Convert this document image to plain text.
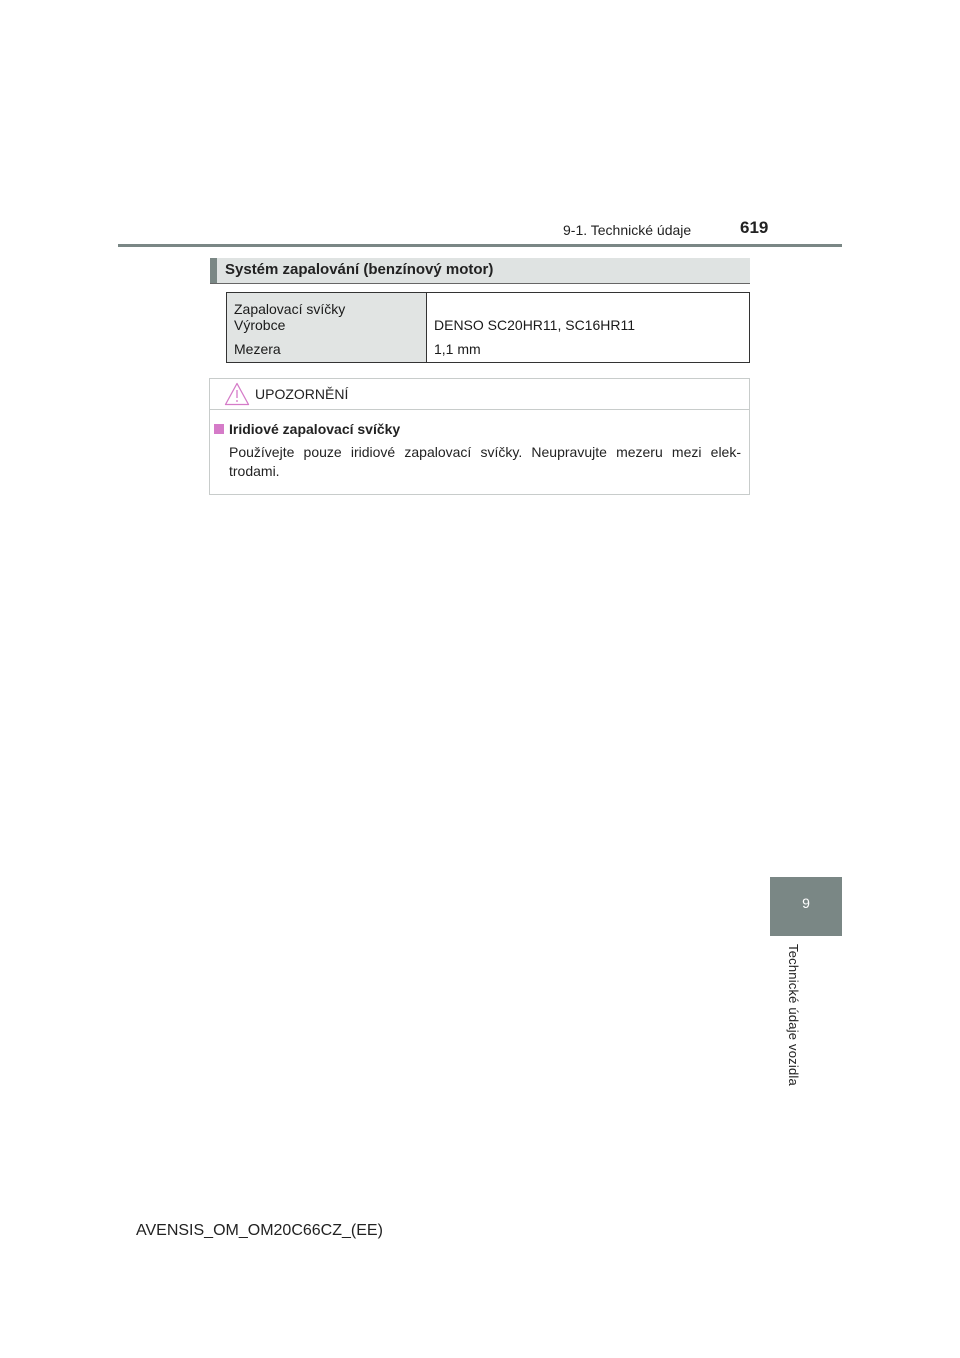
9-1. Technické údaje	619
Systém zapalování (benzínový motor)
Zapalovací svíčky
Výrobce	DENSO SC20HR11, SC16HR11
Mezera	1,1 mm
UPOZORNĚNÍ
Iridiové zapalovací svíčky
Používejte pouze iridiové zapalovací svíčky. Neupravujte mezeru mezi elek-trodami.
9
Technické údaje vozidla
AVENSIS_OM_OM20C66CZ_(EE)
